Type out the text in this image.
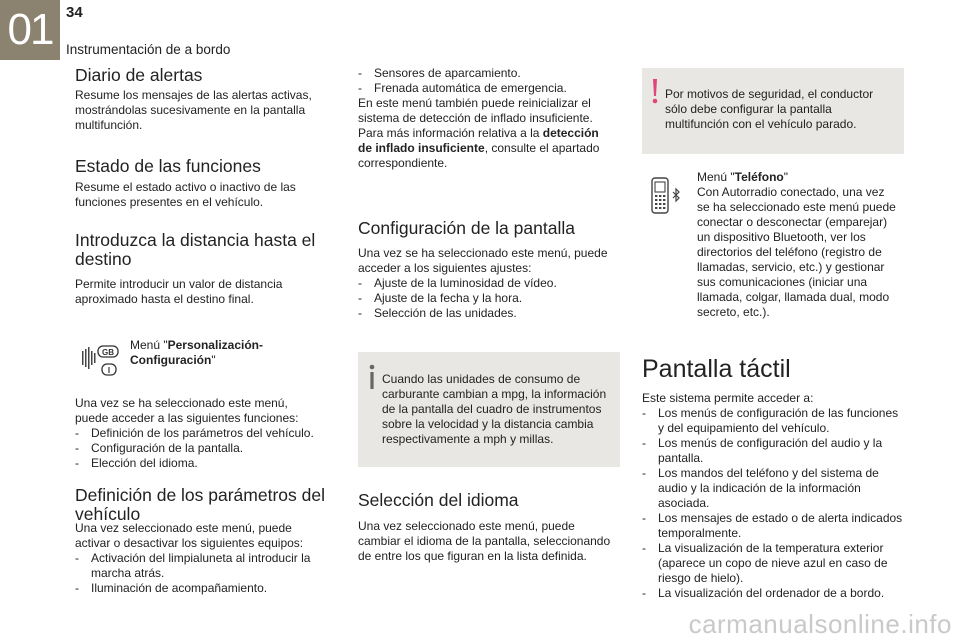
01 34
Instrumentación de a bordo
Diario de alertas

Resume los mensajes de las alertas activas, mostrándolas sucesivamente en la pantalla multifunción.

Estado de las funciones

Resume el estado activo o inactivo de las funciones presentes en el vehículo.

Introduzca la distancia hasta el destino

Permite introducir un valor de distancia aproximado hasta el destino final.

GB
I

Menú "Personalización-Configuración"

Una vez se ha seleccionado este menú, puede acceder a las siguientes funciones:

- Definición de los parámetros del vehículo.
- Configuración de la pantalla.
- Elección del idioma.
Definición de los parámetros del vehículo

Una vez seleccionado este menú, puede activar o desactivar los siguientes equipos:

- Activación del limpialuneta al introducir la marcha atrás.
- Iluminación de acompañamiento.
- Sensores de aparcamiento.
- Frenada automática de emergencia.

En este menú también puede reinicializar el sistema de detección de inflado insuficiente.

Para más información relativa a la detección de inflado insuficiente, consulte el apartado correspondiente.

Configuración de la pantalla

Una vez se ha seleccionado este menú, puede acceder a los siguientes ajustes:

- Ajuste de la luminosidad de vídeo.
- Ajuste de la fecha y la hora.
- Selección de las unidades.

Cuando las unidades de consumo de carburante cambian a mpg, la información de la pantalla del cuadro de instrumentos sobre la velocidad y la distancia cambia respectivamente a mph y millas.

Selección del idioma

Una vez seleccionado este menú, puede cambiar el idioma de la pantalla, seleccionando de entre los que figuran en la lista definida.

Por motivos de seguridad, el conductor sólo debe configurar la pantalla multifunción con el vehículo parado.

Menú "Teléfono"

Con Autorradio conectado, una vez se ha seleccionado este menú puede conectar o desconectar (emparejar) un dispositivo Bluetooth, ver los directorios del teléfono (registro de llamadas, servicio, etc.) y gestionar sus comunicaciones (iniciar una llamada, colgar, llamada dual, modo secreto, etc.).

Pantalla táctil

Este sistema permite acceder a:

- Los menús de configuración de las funciones y del equipamiento del vehículo.
- Los menús de configuración del audio y la pantalla.
- Los mandos del teléfono y del sistema de audio y la indicación de la información asociada.
- Los mensajes de estado o de alerta indicados temporalmente.
- La visualización de la temperatura exterior (aparece un copo de nieve azul en caso de riesgo de hielo).
- La visualización del ordenador de a bordo.
carmanualsonline.info
